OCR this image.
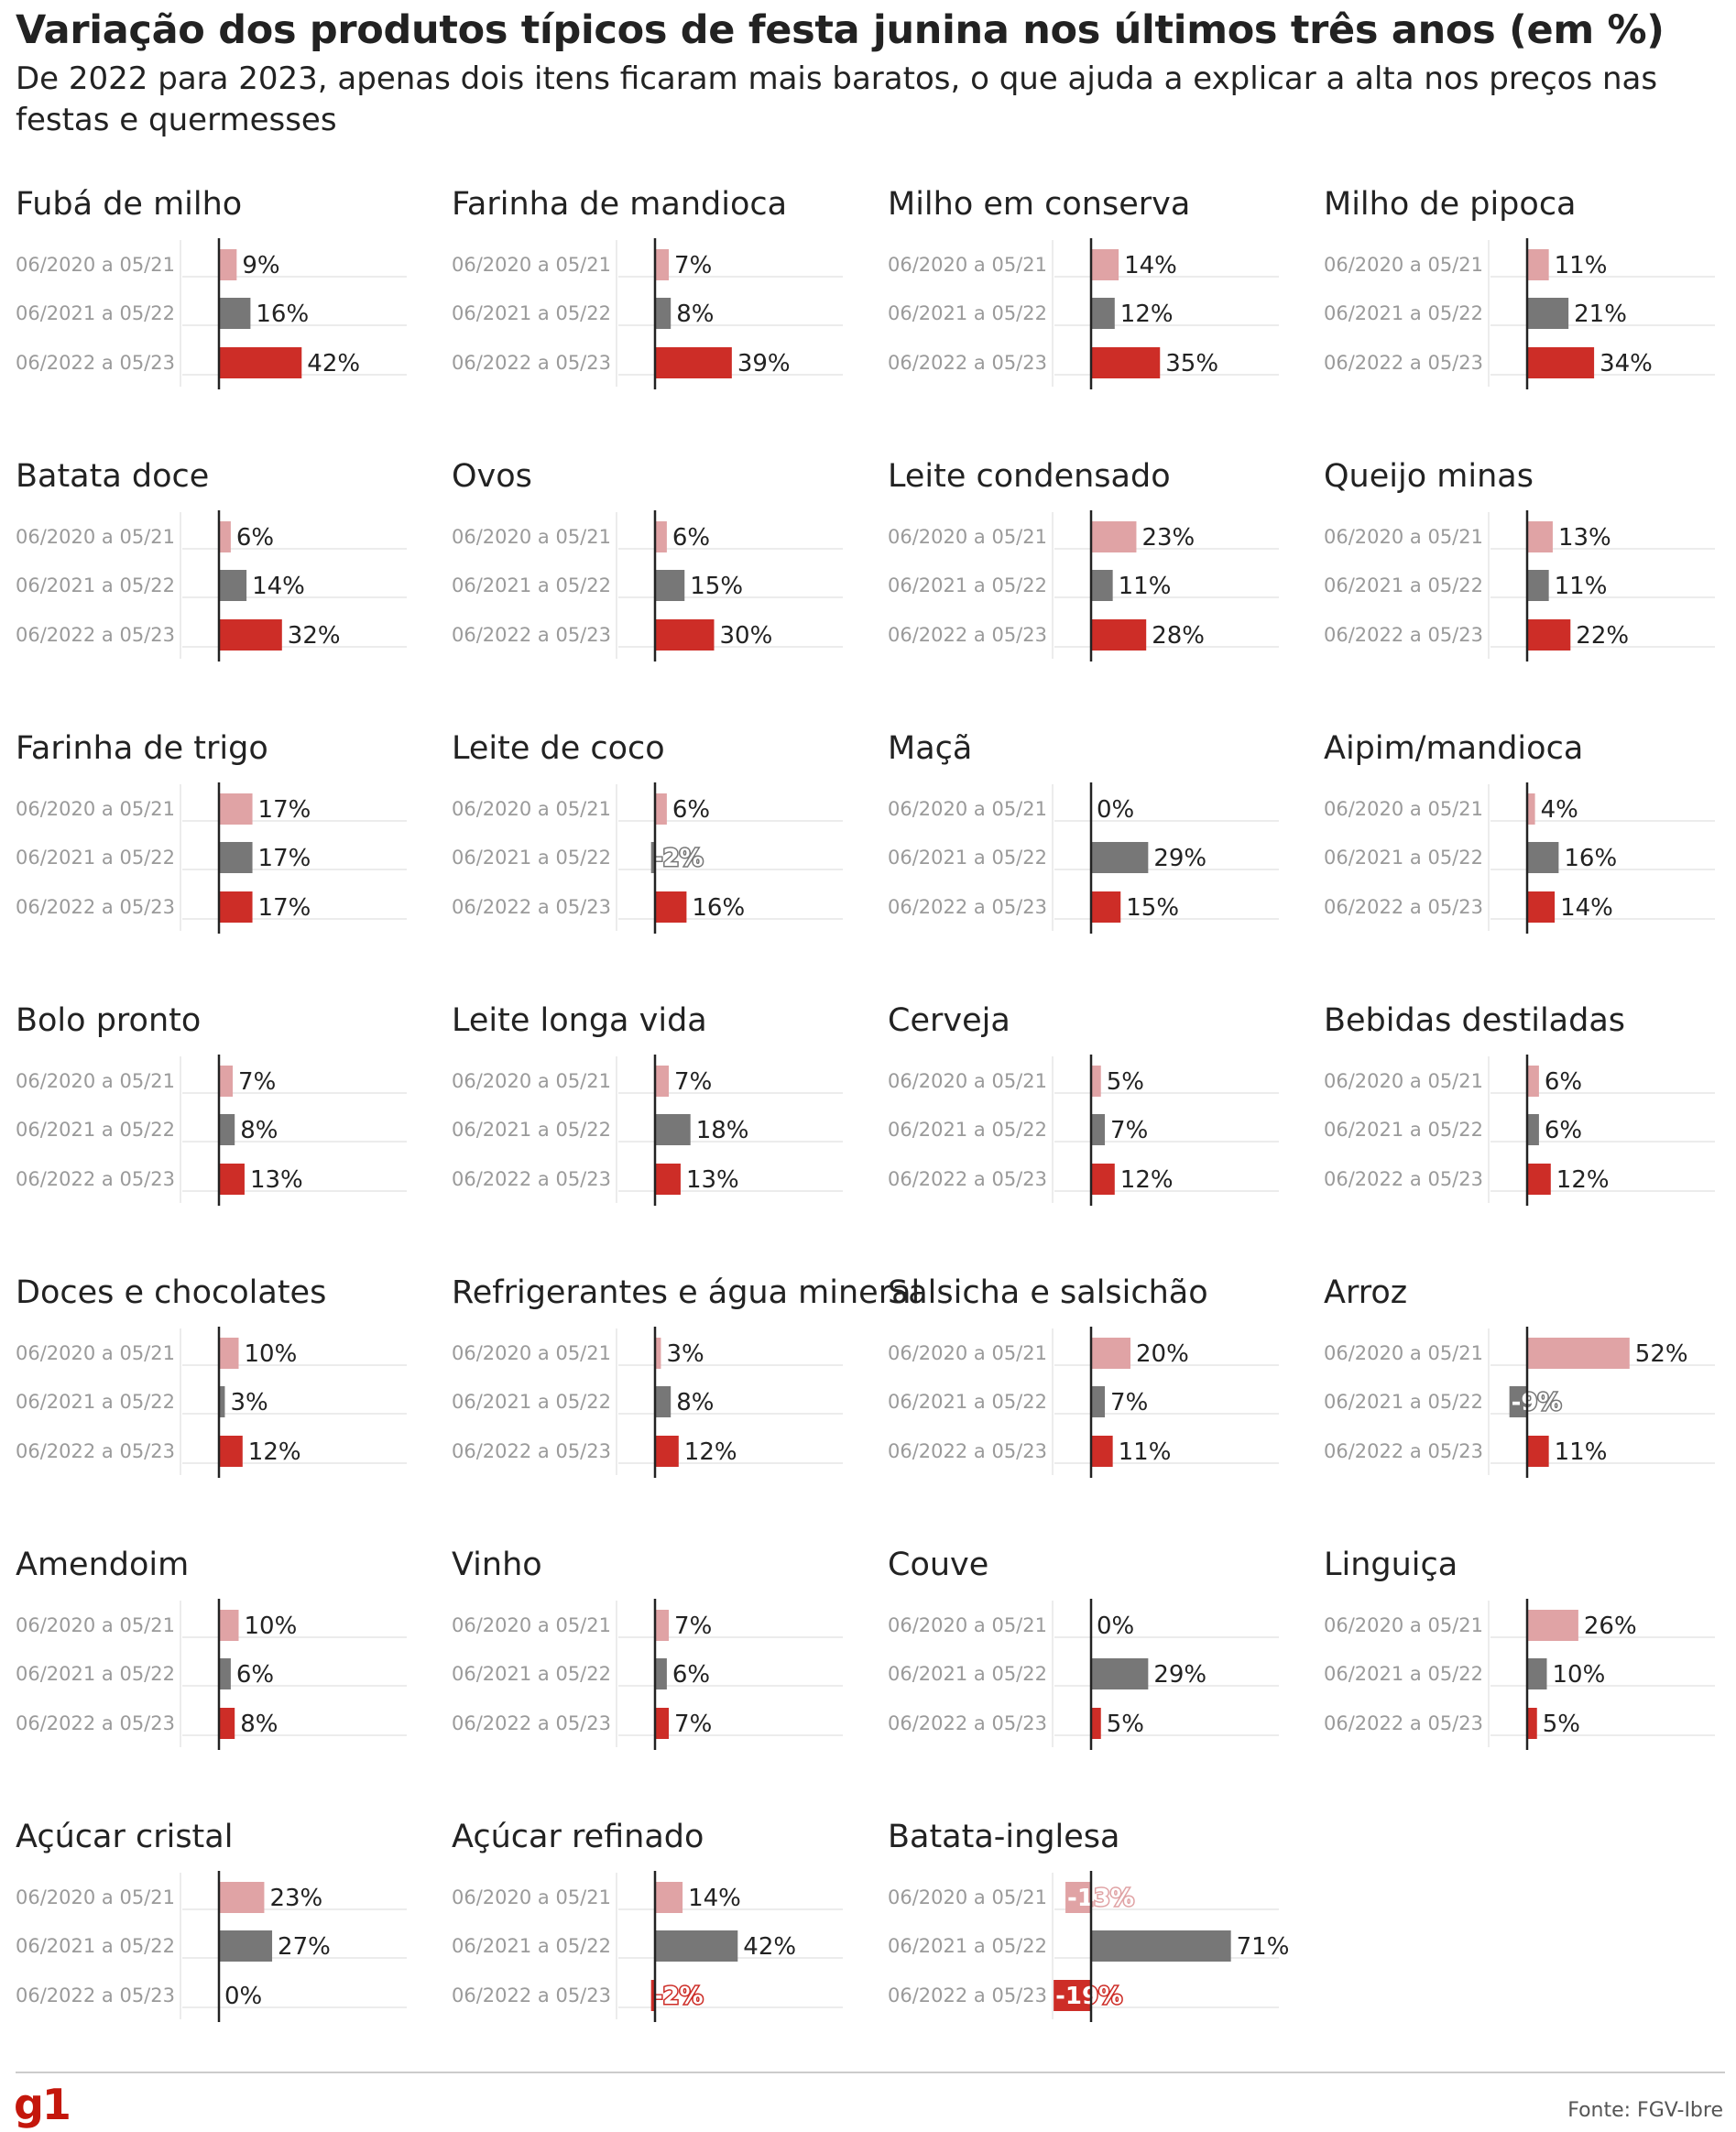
Variação dos produtos típicos de festa junina nos últimos três anos (em %)

De 2022 para 2023, apenas dois itens ficaram mais baratos, o que ajuda a explicar a alta nos preços nas festas e quermesses

Fubá de milho
06/2020 a 05/21	9%
06/2021 a 05/22	16%
06/2022 a 05/23	42%
Farinha de mandioca
06/2020 a 05/21	7%
06/2021 a 05/22	8%
06/2022 a 05/23	39%
Milho em conserva
06/2020 a 05/21	14%
06/2021 a 05/22	12%
06/2022 a 05/23	35%
Milho de pipoca
06/2020 a 05/21	11%
06/2021 a 05/22	21%
06/2022 a 05/23	34%
Batata doce
06/2020 a 05/21	6%
06/2021 a 05/22	14%
06/2022 a 05/23	32%
Ovos
06/2020 a 05/21	6%
06/2021 a 05/22	15%
06/2022 a 05/23	30%
Leite condensado
06/2020 a 05/21	23%
06/2021 a 05/22	11%
06/2022 a 05/23	28%
Queijo minas
06/2020 a 05/21	13%
06/2021 a 05/22	11%
06/2022 a 05/23	22%
Farinha de trigo
06/2020 a 05/21	17%
06/2021 a 05/22	17%
06/2022 a 05/23	17%
Leite de coco
06/2020 a 05/21	6%
06/2021 a 05/22 -2%
06/2022 a 05/23	16%
Maçã
06/2020 a 05/21 0%
06/2021 a 05/22	29%
06/2022 a 05/23	15%
Aipim/mandioca
06/2020 a 05/21 4%
06/2021 a 05/22	16%
06/2022 a 05/23	14%
Bolo pronto
06/2020 a 05/21	7%
06/2021 a 05/22	8%
06/2022 a 05/23	13%
Leite longa vida
06/2020 a 05/21	7%
06/2021 a 05/22	18%
06/2022 a 05/23	13%
Cerveja
06/2020 a 05/21 5%
06/2021 a 05/22	7%
06/2022 a 05/23	12%
Bebidas destiladas
06/2020 a 05/21	6%
06/2021 a 05/22	6%
06/2022 a 05/23	12%
Doces e chocolates
06/2020 a 05/21	10%
06/2021 a 05/22 3%
06/2022 a 05/23	12%
Refrigerantes e água mineral
06/2020 a 05/21 3%
06/2021 a 05/22	8%
06/2022 a 05/23	12%
Salsicha e salsichão
06/2020 a 05/21	20%
06/2021 a 05/22	7%
06/2022 a 05/23	11%
Arroz
06/2020 a 05/21	52%
06/2021 a 05/22 -9%
06/2022 a 05/23	11%
Amendoim
06/2020 a 05/21	10%
06/2021 a 05/22	6%
06/2022 a 05/23	8%
Vinho
06/2020 a 05/21	7%
06/2021 a 05/22	6%
06/2022 a 05/23	7%
Couve
06/2020 a 05/21 0%
06/2021 a 05/22	29%
06/2022 a 05/23 5%
Linguiça
06/2020 a 05/21	26%
06/2021 a 05/22	10%
06/2022 a 05/23 5%
Açúcar cristal
06/2020 a 05/21	23%
06/2021 a 05/22	27%
06/2022 a 05/23 0%
Açúcar refinado
06/2020 a 05/21	14%
06/2021 a 05/22	42%
06/2022 a 05/23 -2%
Batata-inglesa
06/2020 a 05/21 -13%
06/2021 a 05/22	71%
06/2022 a 05/23 -19%
g1	Fonte: FGV-Ibre
